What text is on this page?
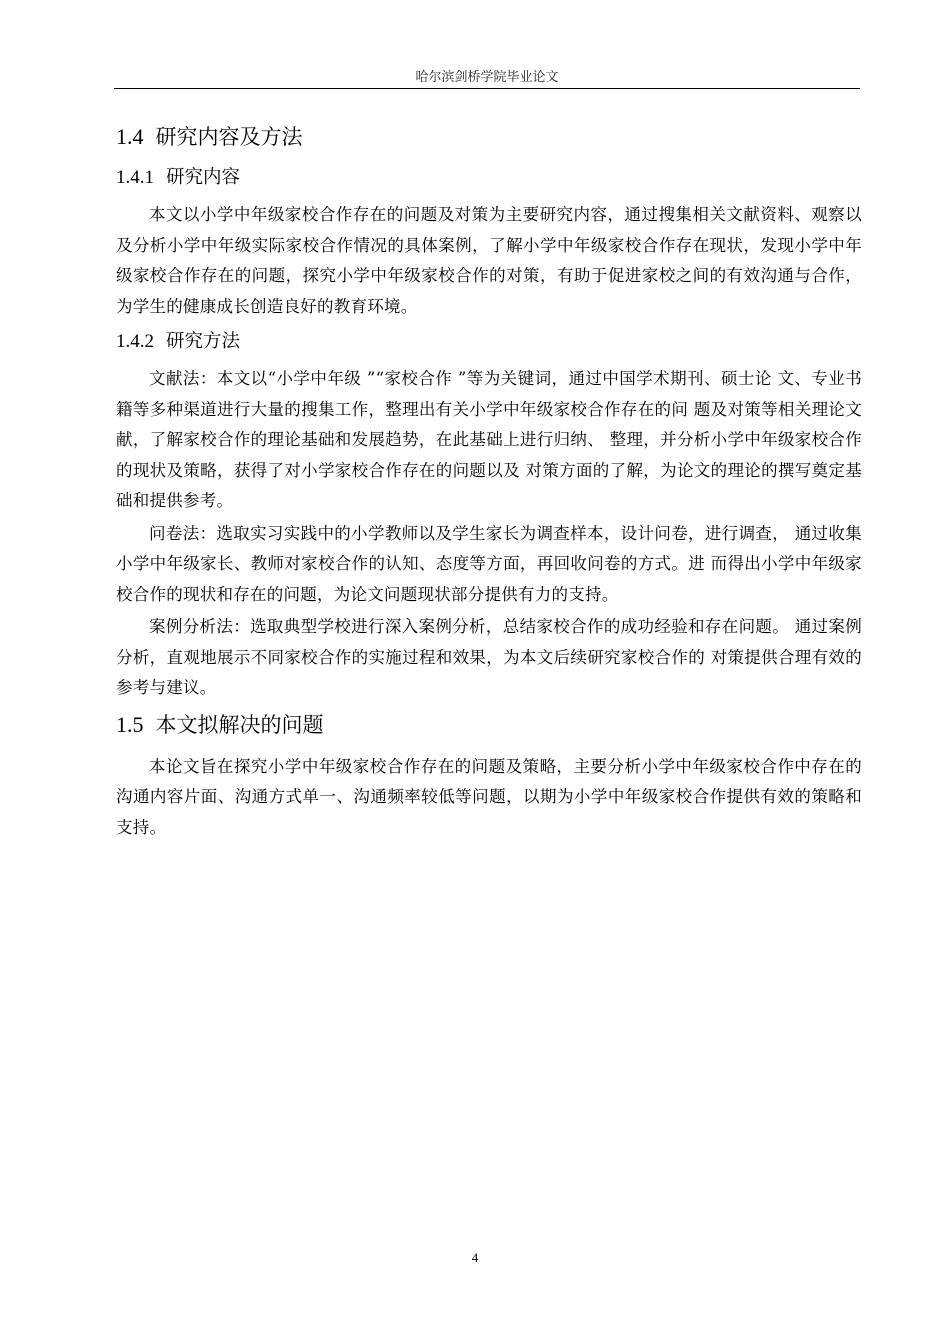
哈尔滨剑桥学院毕业论文
1.4 研究内容及方法
1.4.1 研究内容

本文以小学中年级家校合作存在的问题及对策为主要研究内容，通过搜集相关文献资料、观察以及分析小学中年级实际家校合作情况的具体案例，了解小学中年级家校合作存在现状，发现小学中年级家校合作存在的问题，探究小学中年级家校合作的对策，有助于促进家校之间的有效沟通与合作，为学生的健康成长创造良好的教育环境。

1.4.2 研究方法

文献法：本文以“小学中年级 ”“家校合作 ”等为关键词，通过中国学术期刊、硕士论 文、专业书籍等多种渠道进行大量的搜集工作，整理出有关小学中年级家校合作存在的问 题及对策等相关理论文献，了解家校合作的理论基础和发展趋势，在此基础上进行归纳、 整理，并分析小学中年级家校合作的现状及策略，获得了对小学家校合作存在的问题以及 对策方面的了解，为论文的理论的撰写奠定基础和提供参考。

问卷法：选取实习实践中的小学教师以及学生家长为调查样本，设计问卷，进行调查， 通过收集小学中年级家长、教师对家校合作的认知、态度等方面，再回收问卷的方式。进 而得出小学中年级家校合作的现状和存在的问题，为论文问题现状部分提供有力的支持。

案例分析法：选取典型学校进行深入案例分析，总结家校合作的成功经验和存在问题。 通过案例分析，直观地展示不同家校合作的实施过程和效果，为本文后续研究家校合作的 对策提供合理有效的参考与建议。

1.5 本文拟解决的问题

本论文旨在探究小学中年级家校合作存在的问题及策略，主要分析小学中年级家校合作中存在的沟通内容片面、沟通方式单一、沟通频率较低等问题，以期为小学中年级家校合作提供有效的策略和支持。

4
